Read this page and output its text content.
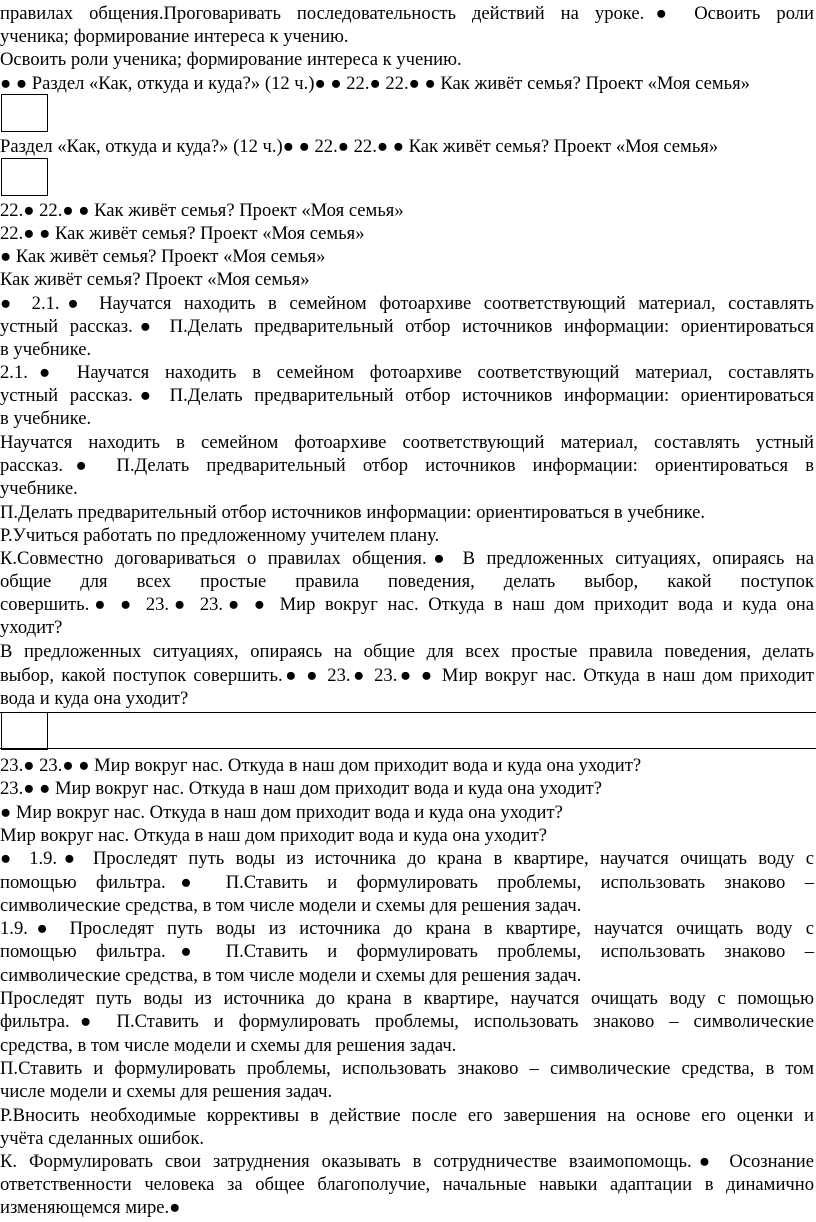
правилах общения.Проговаривать последовательность действий на уроке.● Освоить роли
ученика; формирование интереса к учению.
Освоить роли ученика; формирование интереса к учению.
● ● Раздел «Как, откуда и куда?» (12 ч.)● ● 22.● 22.● ● Как живёт семья? Проект «Моя семья»
Раздел «Как, откуда и куда?» (12 ч.)● ● 22.● 22.● ● Как живёт семья? Проект «Моя семья»
22.● 22.● ● Как живёт семья? Проект «Моя семья»
22.● ● Как живёт семья? Проект «Моя семья»
● Как живёт семья? Проект «Моя семья»
Как живёт семья? Проект «Моя семья»
● 2.1.● Научатся находить в семейном фотоархиве соответствующий материал, составлять
устный рассказ.● П.Делать предварительный отбор источников информации: ориентироваться
в учебнике.
2.1.● Научатся находить в семейном фотоархиве соответствующий материал, составлять
устный рассказ.● П.Делать предварительный отбор источников информации: ориентироваться
в учебнике.
Научатся находить в семейном фотоархиве соответствующий материал, составлять устный
рассказ.● П.Делать предварительный отбор источников информации: ориентироваться в
учебнике.
П.Делать предварительный отбор источников информации: ориентироваться в учебнике.
Р.Учиться работать по предложенному учителем плану.
К.Совместно договариваться о правилах общения.● В предложенных ситуациях, опираясь на
общие для всех простые правила поведения, делать выбор, какой поступок
совершить.● ● 23.● 23.● ● Мир вокруг нас. Откуда в наш дом приходит вода и куда она
уходит?
В предложенных ситуациях, опираясь на общие для всех простые правила поведения, делать
выбор, какой поступок совершить.● ● 23.● 23.● ● Мир вокруг нас. Откуда в наш дом приходит
вода и куда она уходит?
23.● 23.● ● Мир вокруг нас. Откуда в наш дом приходит вода и куда она уходит?
23.● ● Мир вокруг нас. Откуда в наш дом приходит вода и куда она уходит?
● Мир вокруг нас. Откуда в наш дом приходит вода и куда она уходит?
Мир вокруг нас. Откуда в наш дом приходит вода и куда она уходит?
● 1.9.● Проследят путь воды из источника до крана в квартире, научатся очищать воду с
помощью фильтра.● П.Ставить и формулировать проблемы, использовать знаково –
символические средства, в том числе модели и схемы для решения задач.
1.9.● Проследят путь воды из источника до крана в квартире, научатся очищать воду с
помощью фильтра.● П.Ставить и формулировать проблемы, использовать знаково –
символические средства, в том числе модели и схемы для решения задач.
Проследят путь воды из источника до крана в квартире, научатся очищать воду с помощью
фильтра.● П.Ставить и формулировать проблемы, использовать знаково – символические
средства, в том числе модели и схемы для решения задач.
П.Ставить и формулировать проблемы, использовать знаково – символические средства, в том
числе модели и схемы для решения задач.
Р.Вносить необходимые коррективы в действие после его завершения на основе его оценки и
учёта сделанных ошибок.
К. Формулировать свои затруднения оказывать в сотрудничестве взаимопомощь.● Осознание
ответственности человека за общее благополучие, начальные навыки адаптации в динамично
изменяющемся мире.●
